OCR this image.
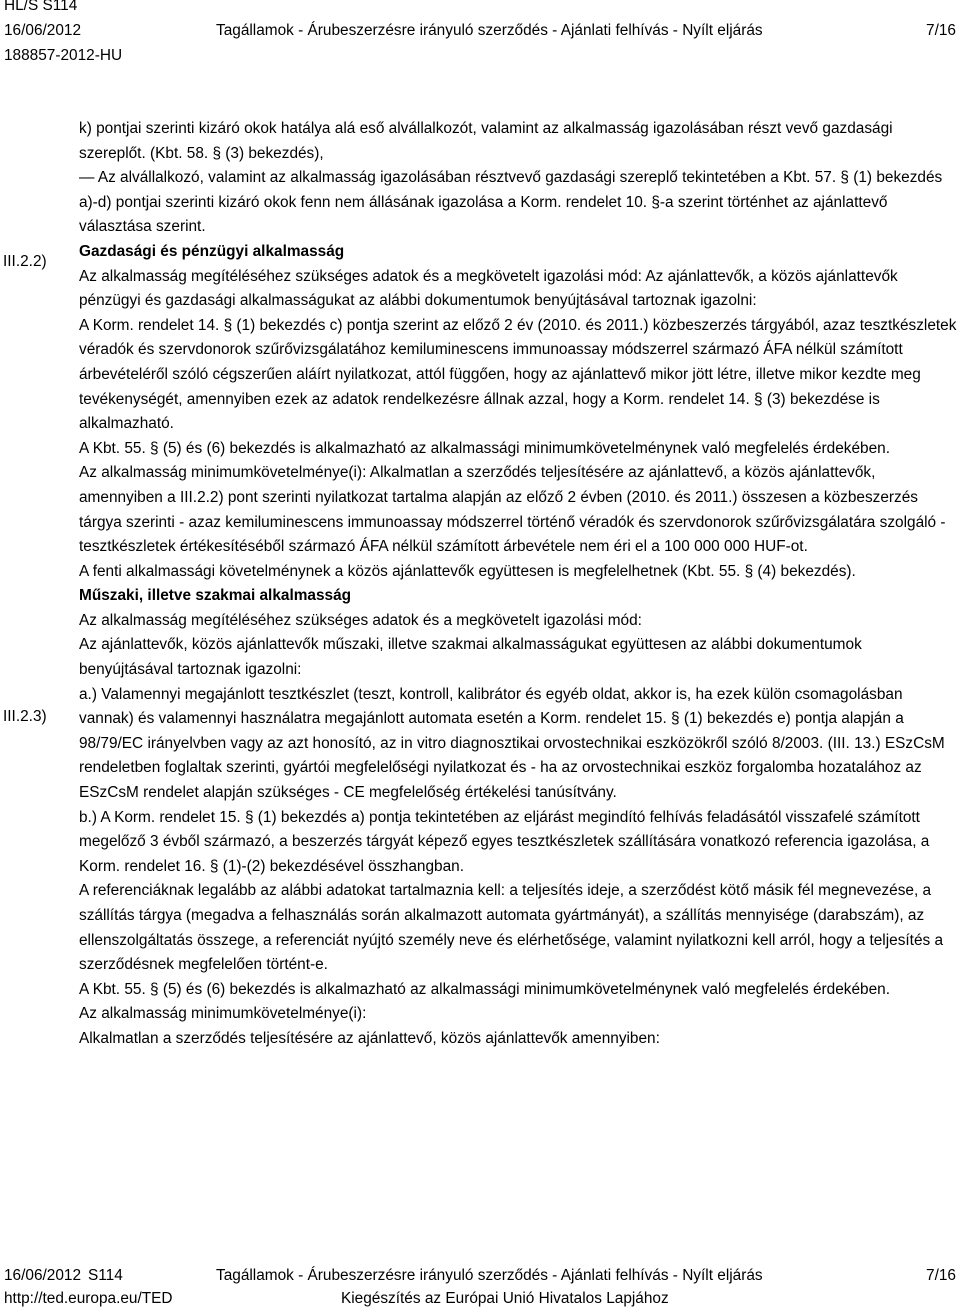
HL/S S114
16/06/2012	Tagállamok - Árubeszerzésre irányuló szerződés - Ajánlati felhívás - Nyílt eljárás	7/16
188857-2012-HU
III.2.2)
III.2.3)

k) pontjai szerinti kizáró okok hatálya alá eső alvállalkozót, valamint az alkalmasság igazolásában részt vevő gazdasági szereplőt. (Kbt. 58. § (3) bekezdés),

— Az alvállalkozó, valamint az alkalmasság igazolásában résztvevő gazdasági szereplő tekintetében a Kbt. 57. § (1) bekezdés a)-d) pontjai szerinti kizáró okok fenn nem állásának igazolása a Korm. rendelet 10. §-a szerint történhet az ajánlattevő választása szerint.

Gazdasági és pénzügyi alkalmasság

Az alkalmasság megítéléséhez szükséges adatok és a megkövetelt igazolási mód: Az ajánlattevők, a közös ajánlattevők pénzügyi és gazdasági alkalmasságukat az alábbi dokumentumok benyújtásával tartoznak igazolni:

A Korm. rendelet 14. § (1) bekezdés c) pontja szerint az előző 2 év (2010. és 2011.) közbeszerzés tárgyából, azaz tesztkészletek véradók és szervdonorok szűrővizsgálatához kemiluminescens immunoassay módszerrel származó ÁFA nélkül számított árbevételéről szóló cégszerűen aláírt nyilatkozat, attól függően, hogy az ajánlattevő mikor jött létre, illetve mikor kezdte meg tevékenységét, amennyiben ezek az adatok rendelkezésre állnak azzal, hogy a Korm. rendelet 14. § (3) bekezdése is alkalmazható.

A Kbt. 55. § (5) és (6) bekezdés is alkalmazható az alkalmassági minimumkövetelménynek való megfelelés érdekében.

Az alkalmasság minimumkövetelménye(i): Alkalmatlan a szerződés teljesítésére az ajánlattevő, a közös ajánlattevők, amennyiben a III.2.2) pont szerinti nyilatkozat tartalma alapján az előző 2 évben (2010. és 2011.) összesen a közbeszerzés tárgya szerinti - azaz kemiluminescens immunoassay módszerrel történő véradók és szervdonorok szűrővizsgálatára szolgáló - tesztkészletek értékesítéséből származó ÁFA nélkül számított árbevétele nem éri el a 100 000 000 HUF-ot.

A fenti alkalmassági követelménynek a közös ajánlattevők együttesen is megfelelhetnek (Kbt. 55. § (4) bekezdés).

Műszaki, illetve szakmai alkalmasság

Az alkalmasság megítéléséhez szükséges adatok és a megkövetelt igazolási mód:

Az ajánlattevők, közös ajánlattevők műszaki, illetve szakmai alkalmasságukat együttesen az alábbi dokumentumok benyújtásával tartoznak igazolni:

a.) Valamennyi megajánlott tesztkészlet (teszt, kontroll, kalibrátor és egyéb oldat, akkor is, ha ezek külön csomagolásban vannak) és valamennyi használatra megajánlott automata esetén a Korm. rendelet 15. § (1) bekezdés e) pontja alapján a 98/79/EC irányelvben vagy az azt honosító, az in vitro diagnosztikai orvostechnikai eszközökről szóló 8/2003. (III. 13.) ESzCsM rendeletben foglaltak szerinti, gyártói megfelelőségi nyilatkozat és - ha az orvostechnikai eszköz forgalomba hozatalához az ESzCsM rendelet alapján szükséges - CE megfelelőség értékelési tanúsítvány.

b.) A Korm. rendelet 15. § (1) bekezdés a) pontja tekintetében az eljárást megindító felhívás feladásától visszafelé számított megelőző 3 évből származó, a beszerzés tárgyát képező egyes tesztkészletek szállítására vonatkozó referencia igazolása, a Korm. rendelet 16. § (1)-(2) bekezdésével összhangban.

A referenciáknak legalább az alábbi adatokat tartalmaznia kell: a teljesítés ideje, a szerződést kötő másik fél megnevezése, a szállítás tárgya (megadva a felhasználás során alkalmazott automata gyártmányát), a szállítás mennyisége (darabszám), az ellenszolgáltatás összege, a referenciát nyújtó személy neve és elérhetősége, valamint nyilatkozni kell arról, hogy a teljesítés a szerződésnek megfelelően történt-e.

A Kbt. 55. § (5) és (6) bekezdés is alkalmazható az alkalmassági minimumkövetelménynek való megfelelés érdekében.

Az alkalmasság minimumkövetelménye(i):

Alkalmatlan a szerződés teljesítésére az ajánlattevő, közös ajánlattevők amennyiben:

16/06/2012 S114	Tagállamok - Árubeszerzésre irányuló szerződés - Ajánlati felhívás - Nyílt eljárás	7/16
http://ted.europa.eu/TED	Kiegészítés az Európai Unió Hivatalos Lapjához
